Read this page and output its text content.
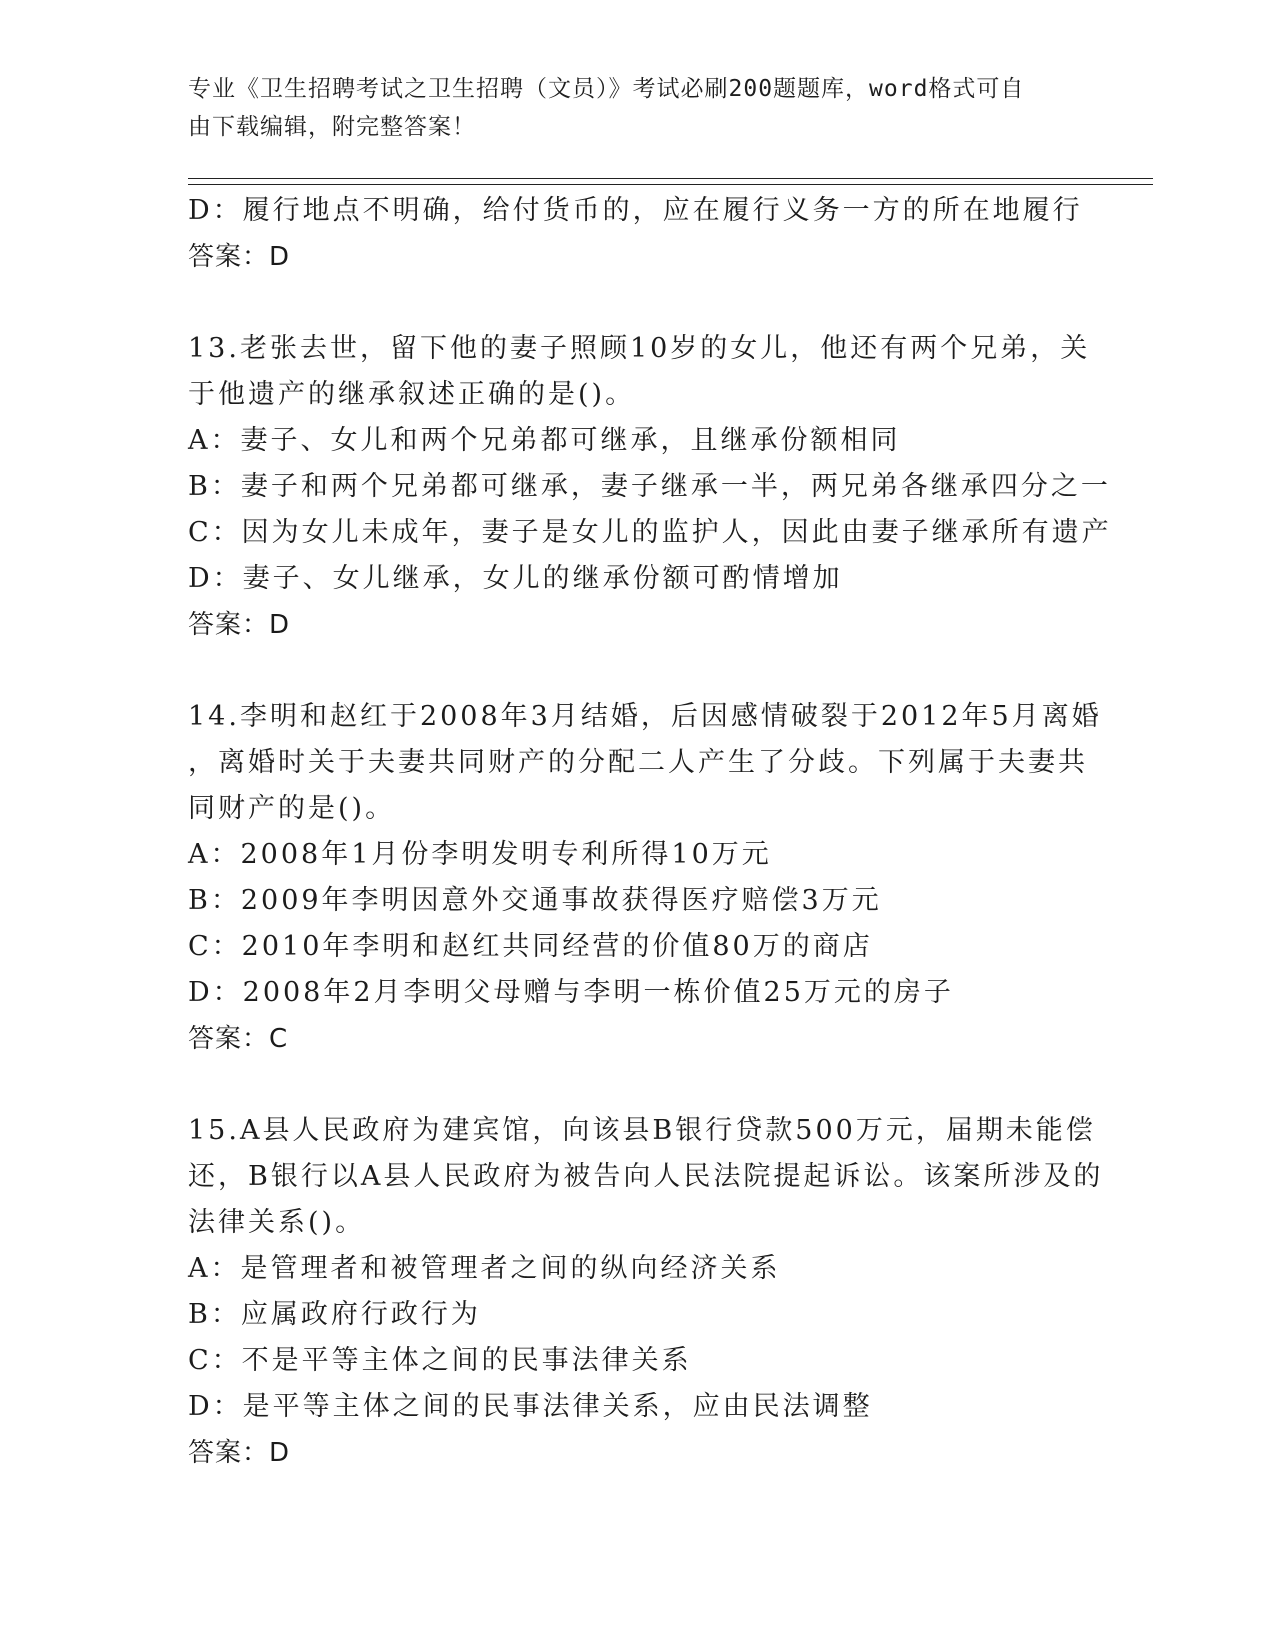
专业《卫生招聘考试之卫生招聘（文员）》考试必刷200题题库，word格式可自
由下载编辑，附完整答案！
D：履行地点不明确，给付货币的，应在履行义务一方的所在地履行
答案：D
13.老张去世，留下他的妻子照顾10岁的女儿，他还有两个兄弟，关
于他遗产的继承叙述正确的是()。
A：妻子、女儿和两个兄弟都可继承，且继承份额相同
B：妻子和两个兄弟都可继承，妻子继承一半，两兄弟各继承四分之一
C：因为女儿未成年，妻子是女儿的监护人，因此由妻子继承所有遗产
D：妻子、女儿继承，女儿的继承份额可酌情增加
答案：D
14.李明和赵红于2008年3月结婚，后因感情破裂于2012年5月离婚
，离婚时关于夫妻共同财产的分配二人产生了分歧。下列属于夫妻共
同财产的是()。
A：2008年1月份李明发明专利所得10万元
B：2009年李明因意外交通事故获得医疗赔偿3万元
C：2010年李明和赵红共同经营的价值80万的商店
D：2008年2月李明父母赠与李明一栋价值25万元的房子
答案：C
15.A县人民政府为建宾馆，向该县B银行贷款500万元，届期未能偿
还，B银行以A县人民政府为被告向人民法院提起诉讼。该案所涉及的
法律关系()。
A：是管理者和被管理者之间的纵向经济关系
B：应属政府行政行为
C：不是平等主体之间的民事法律关系
D：是平等主体之间的民事法律关系，应由民法调整
答案：D
